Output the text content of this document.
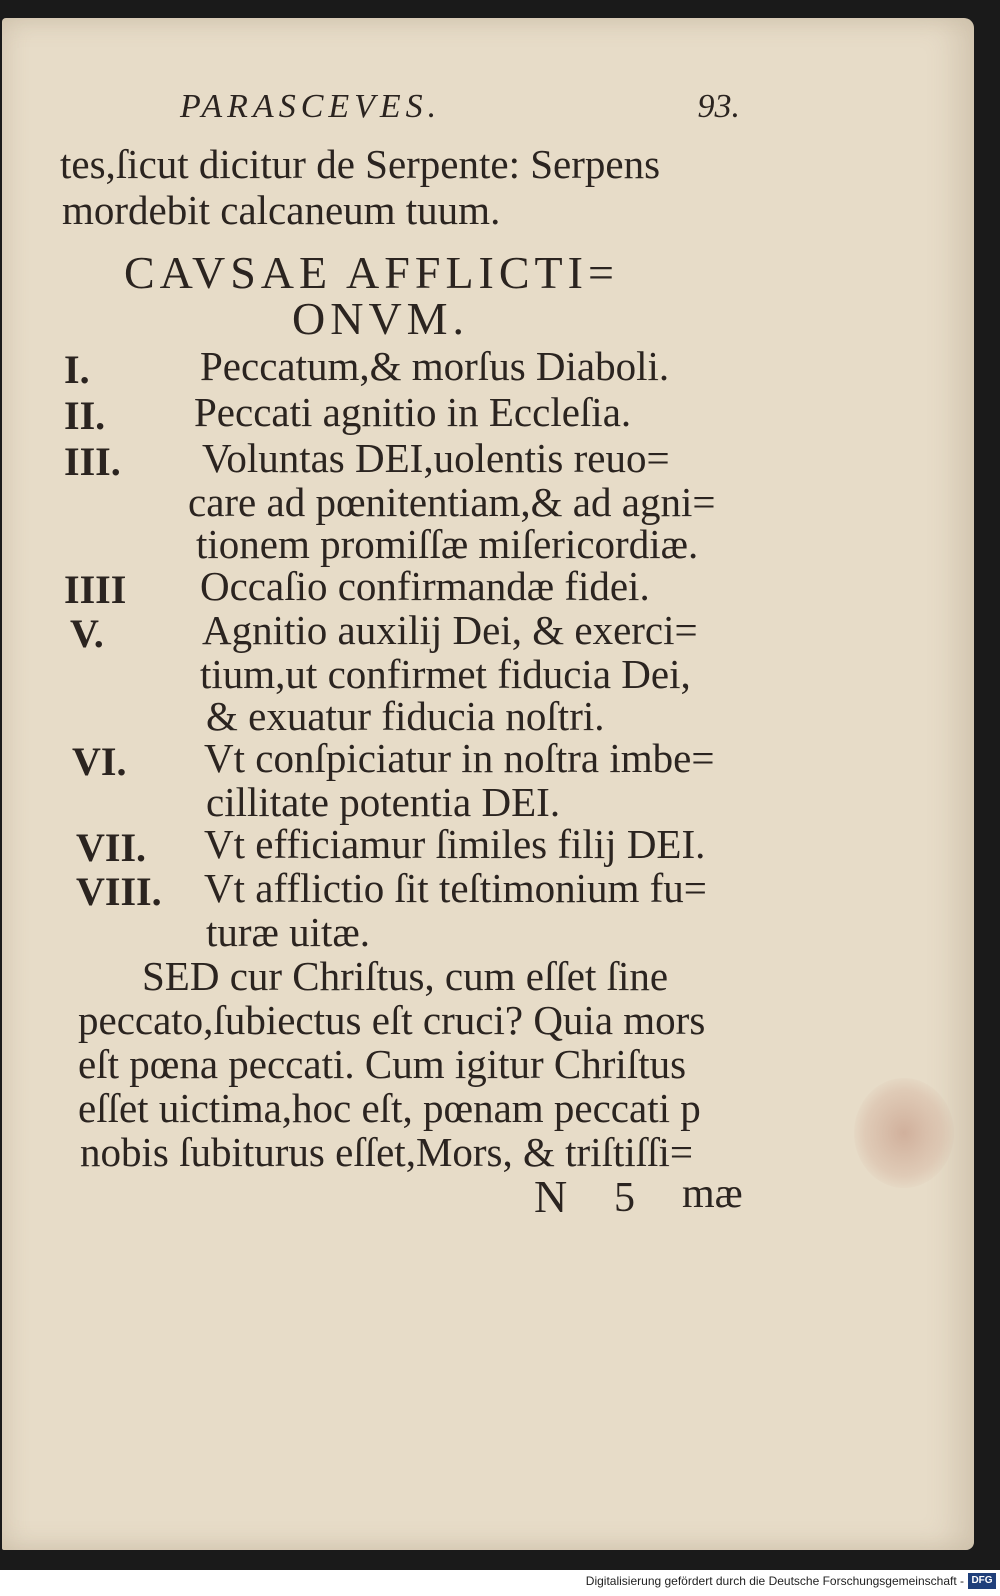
PARASCEVES.	93.
tes,ſicut dicitur de Serpente: Serpens
mordebit calcaneum tuum.
CAVSAE AFFLICTI=
ONVM.
I.	Peccatum,& morſus Diaboli.
II. Peccati agnitio in Eccleſia.
III. Voluntas DEI,uolentis reuo=
care ad pœnitentiam,& ad agni=
tionem promiſſæ miſericordiæ.
IIII Occaſio confirmandæ fidei.
V. Agnitio auxilij Dei, & exerci=
tium,ut confirmet fiducia Dei,
& exuatur fiducia noſtri.
VI. Vt conſpiciatur in noſtra imbe=
cillitate potentia DEI.
VII. Vt efficiamur ſimiles filij DEI.
VIII. Vt afflictio ſit teſtimonium fu=
turæ uitæ.
SED cur Chriſtus, cum eſſet ſine
peccato,ſubiectus eſt cruci? Quia mors
eſt pœna peccati. Cum igitur Chriſtus
eſſet uictima,hoc eſt, pœnam peccati p
nobis ſubiturus eſſet,Mors, & triſtiſſi=
N 5 mæ
Digitalisierung gefördert durch die Deutsche Forschungsgemeinschaft - DFG
